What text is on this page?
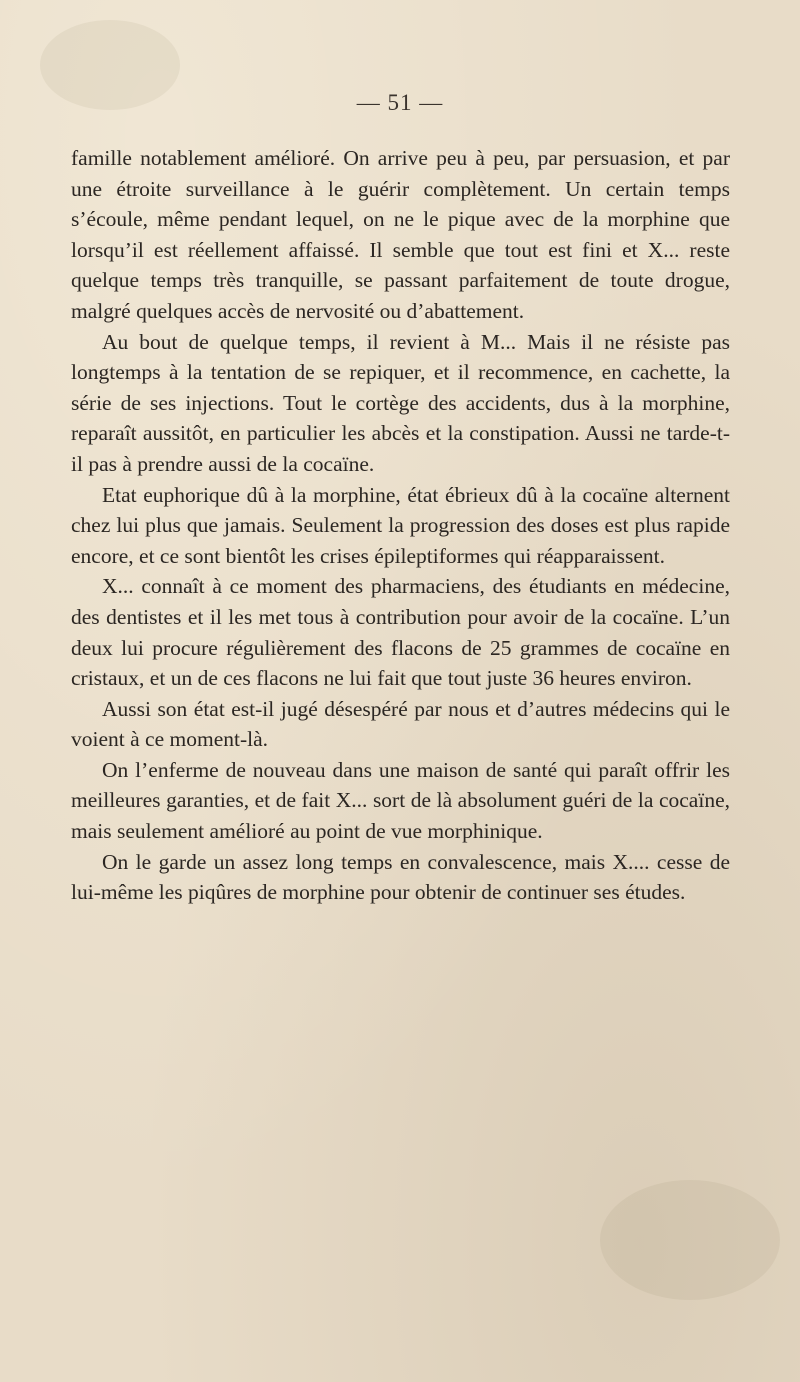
— 51 —

famille notablement amélioré. On arrive peu à peu, par persuasion, et par une étroite surveillance à le guérir complètement. Un certain temps s’écoule, même pendant lequel, on ne le pique avec de la morphine que lorsqu’il est réellement affaissé. Il semble que tout est fini et X... reste quelque temps très tranquille, se passant parfaitement de toute drogue, malgré quelques accès de nervosité ou d’abattement.

Au bout de quelque temps, il revient à M... Mais il ne résiste pas longtemps à la tentation de se repiquer, et il recommence, en cachette, la série de ses injections. Tout le cortège des accidents, dus à la morphine, reparaît aussitôt, en particulier les abcès et la constipation. Aussi ne tarde-t-il pas à prendre aussi de la cocaïne.

Etat euphorique dû à la morphine, état ébrieux dû à la cocaïne alternent chez lui plus que jamais. Seulement la progression des doses est plus rapide encore, et ce sont bientôt les crises épileptiformes qui réapparaissent.

X... connaît à ce moment des pharmaciens, des étudiants en médecine, des dentistes et il les met tous à contribution pour avoir de la cocaïne. L’un deux lui procure régulièrement des flacons de 25 grammes de cocaïne en cristaux, et un de ces flacons ne lui fait que tout juste 36 heures environ.

Aussi son état est-il jugé désespéré par nous et d’autres médecins qui le voient à ce moment-là.

On l’enferme de nouveau dans une maison de santé qui paraît offrir les meilleures garanties, et de fait X... sort de là absolument guéri de la cocaïne, mais seulement amélioré au point de vue morphinique.

On le garde un assez long temps en convalescence, mais X.... cesse de lui-même les piqûres de morphine pour obtenir de continuer ses études.
